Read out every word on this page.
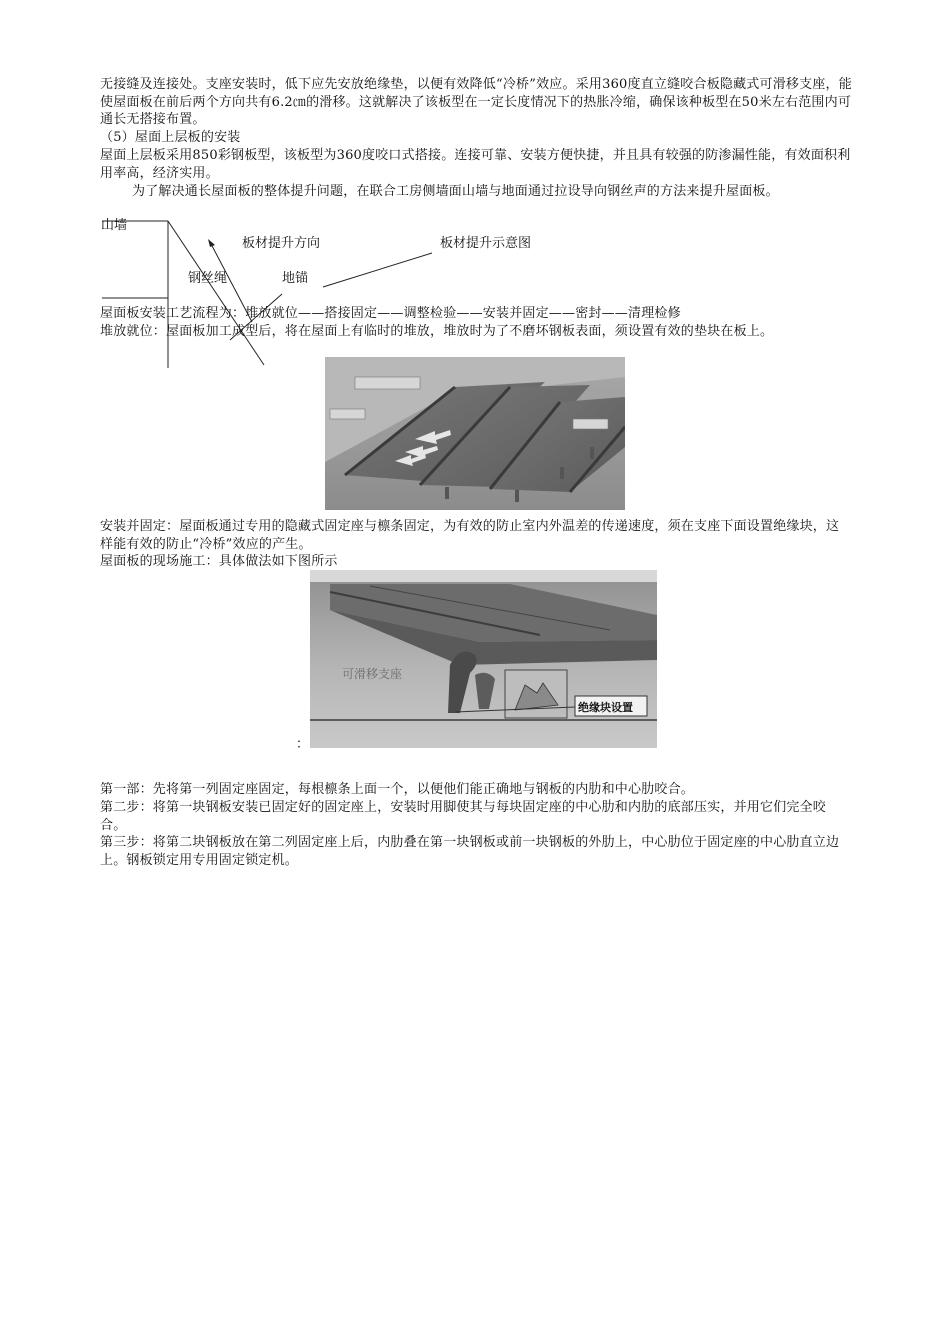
无接缝及连接处。支座安装时，低下应先安放绝缘垫，以便有效降低“冷桥”效应。采用360度直立缝咬合板隐藏式可滑移支座，能使屋面板在前后两个方向共有6.2㎝的滑移。这就解决了该板型在一定长度情况下的热胀冷缩，确保该种板型在50米左右范围内可通长无搭接布置。
（5）屋面上层板的安装
屋面上层板采用850彩钢板型，该板型为360度咬口式搭接。连接可靠、安装方便快捷，并且具有较强的防渗漏性能，有效面积利用率高，经济实用。
为了解决通长屋面板的整体提升问题，在联合工房侧墙面山墙与地面通过拉设导向钢丝声的方法来提升屋面板。
山墙
板材提升方向	板材提升示意图
钢丝绳	地锚
屋面板安装工艺流程为：堆放就位——搭接固定——调整检验——安装并固定——密封——清理检修
堆放就位：屋面板加工成型后，将在屋面上有临时的堆放，堆放时为了不磨坏钢板表面，须设置有效的垫块在板上。
安装并固定：屋面板通过专用的隐藏式固定座与檩条固定，为有效的防止室内外温差的传递速度，须在支座下面设置绝缘块，这样能有效的防止“冷桥”效应的产生。
屋面板的现场施工：具体做法如下图所示
可滑移支座
绝缘块设置
：
第一部：先将第一列固定座固定，每根檩条上面一个，以便他们能正确地与钢板的内肋和中心肋咬合。
第二步：将第一块钢板安装已固定好的固定座上，安装时用脚使其与每块固定座的中心肋和内肋的底部压实，并用它们完全咬合。
第三步：将第二块钢板放在第二列固定座上后，内肋叠在第一块钢板或前一块钢板的外肋上，中心肋位于固定座的中心肋直立边上。钢板锁定用专用固定锁定机。
